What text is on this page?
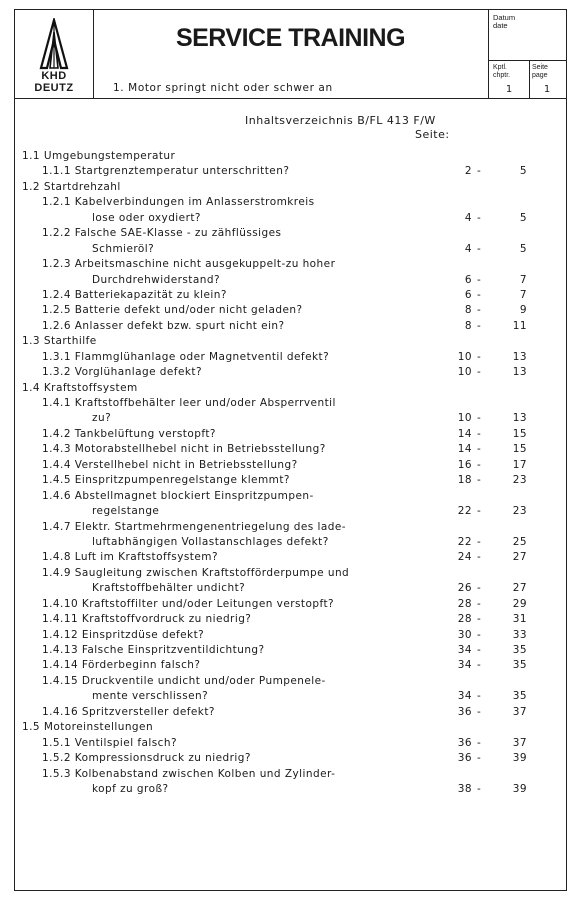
KHD
DEUTZ
SERVICE TRAINING
Datum
date
1. Motor springt nicht oder schwer an
Kptl.
chptr.
1
Seite
page
1
Inhaltsverzeichnis B/FL 413 F/W
Seite:
1.1 Umgebungstemperatur
1.1.1 Startgrenztemperatur unterschritten?	2 -	5
1.2 Startdrehzahl
1.2.1 Kabelverbindungen im Anlasserstromkreis
lose oder oxydiert?	4 -	5
1.2.2 Falsche SAE-Klasse - zu zähflüssiges
Schmieröl?	4 -	5
1.2.3 Arbeitsmaschine nicht ausgekuppelt-zu hoher
Durchdrehwiderstand?	6 -	7
1.2.4 Batteriekapazität zu klein?	6 -	7
1.2.5 Batterie defekt und/oder nicht geladen?	8 -	9
1.2.6 Anlasser defekt bzw. spurt nicht ein?	8 -	11
1.3 Starthilfe
1.3.1 Flammglühanlage oder Magnetventil defekt?	10 -	13
1.3.2 Vorglühanlage defekt?	10 -	13
1.4 Kraftstoffsystem
1.4.1 Kraftstoffbehälter leer und/oder Absperrventil
zu?	10 -	13
1.4.2 Tankbelüftung verstopft?	14 -	15
1.4.3 Motorabstellhebel nicht in Betriebsstellung?	14 -	15
1.4.4 Verstellhebel nicht in Betriebsstellung?	16 -	17
1.4.5 Einspritzpumpenregelstange klemmt?	18 -	23
1.4.6 Abstellmagnet blockiert Einspritzpumpen-
regelstange	22 -	23
1.4.7 Elektr. Startmehrmengenentriegelung des lade-
luftabhängigen Vollastanschlages defekt?	22 -	25
1.4.8 Luft im Kraftstoffsystem?	24 -	27
1.4.9 Saugleitung zwischen Kraftstofförderpumpe und
Kraftstoffbehälter undicht?	26 -	27
1.4.10 Kraftstoffilter und/oder Leitungen verstopft?	28 -	29
1.4.11 Kraftstoffvordruck zu niedrig?	28 -	31
1.4.12 Einspritzdüse defekt?	30 -	33
1.4.13 Falsche Einspritzventildichtung?	34 -	35
1.4.14 Förderbeginn falsch?	34 -	35
1.4.15 Druckventile undicht und/oder Pumpenele-
mente verschlissen?	34 -	35
1.4.16 Spritzversteller defekt?	36 -	37
1.5 Motoreinstellungen
1.5.1 Ventilspiel falsch?	36 -	37
1.5.2 Kompressionsdruck zu niedrig?	36 -	39
1.5.3 Kolbenabstand zwischen Kolben und Zylinder-
kopf zu groß?	38 -	39
